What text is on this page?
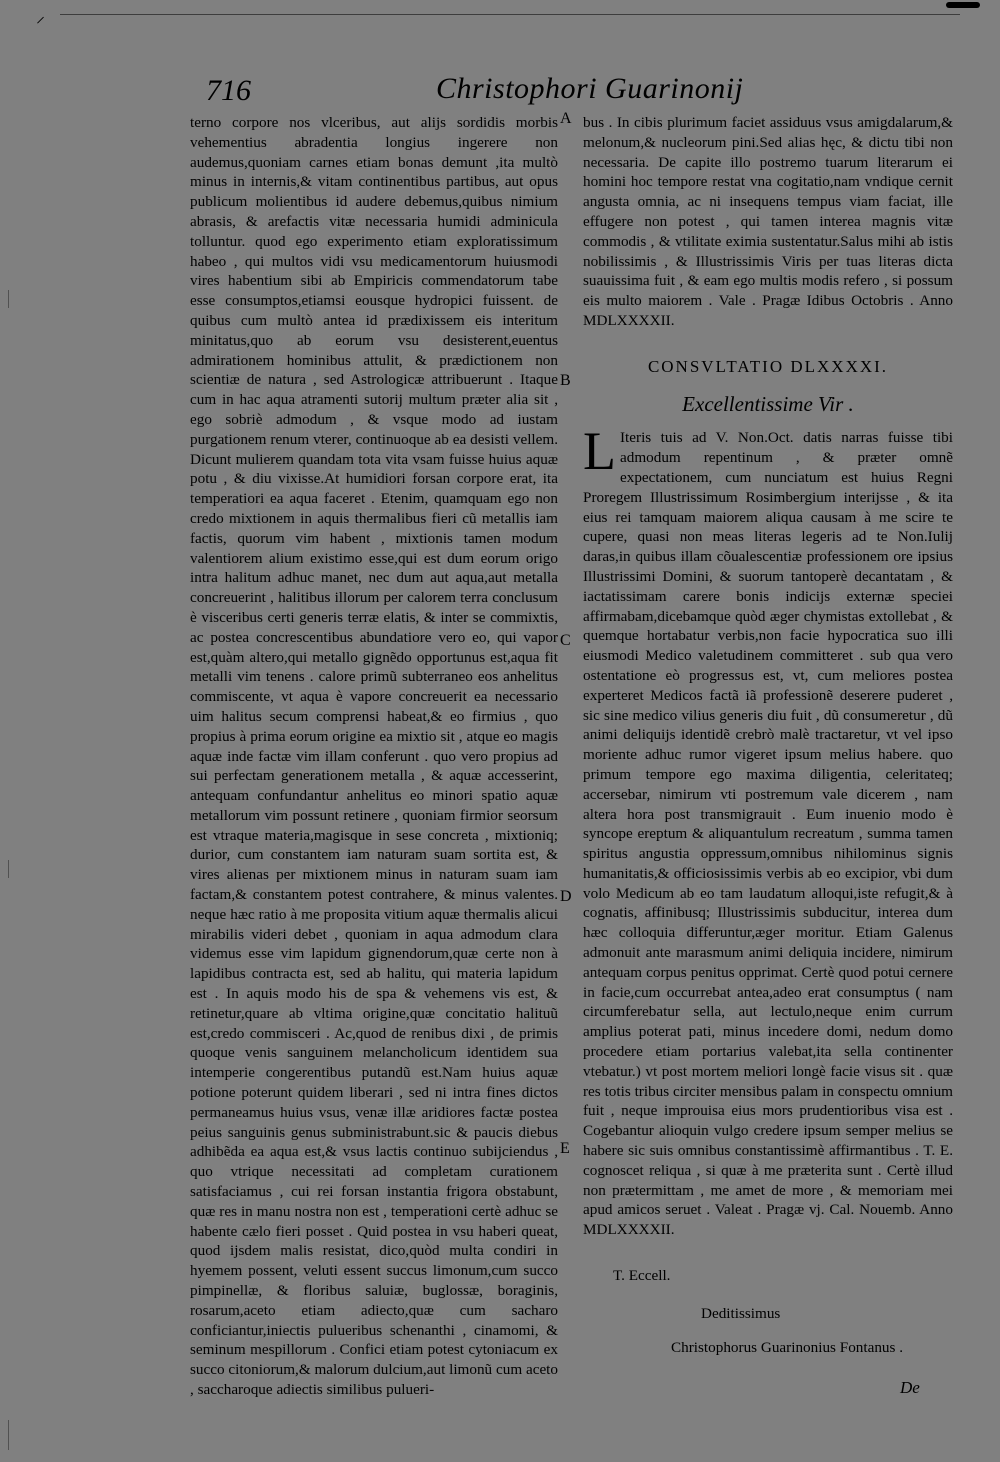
⸝
716	Christophori Guarinonij

terno corpore nos vlceribus, aut alijs sordidis morbis vehementius abradentia longius ingerere non audemus,quoniam carnes etiam bonas demunt ,ita multò minus in internis,& vitam continentibus partibus, aut opus publicum molientibus id audere debemus,quibus nimium abrasis, & arefactis vitæ necessaria humidi adminicula tolluntur. quod ego experimento etiam exploratissimum habeo , qui multos vidi vsu medicamentorum huiusmodi vires habentium sibi ab Empiricis commendatorum tabe esse consumptos,etiamsi eousque hydropici fuissent. de quibus cum multò antea id prædixissem eis interitum minitatus,quo ab eorum vsu desisterent,euentus admirationem hominibus attulit, & prædictionem non scientiæ de natura , sed Astrologicæ attribuerunt . Itaque cum in hac aqua atramenti sutorij multum præter alia sit , ego sobriè admodum , & vsque modo ad iustam purgationem renum vterer, continuoque ab ea desisti vellem. Dicunt mulierem quandam tota vita vsam fuisse huius aquæ potu , & diu vixisse.At humidiori forsan corpore erat, ita temperatiori ea aqua faceret . Etenim, quamquam ego non credo mixtionem in aquis thermalibus fieri cũ metallis iam factis, quorum vim habent , mixtionis tamen modum valentiorem alium existimo esse,qui est dum eorum origo intra halitum adhuc manet, nec dum aut aqua,aut metalla concreuerint , halitibus illorum per calorem terra conclusum è visceribus certi generis terræ elatis, & inter se commixtis, ac postea concrescentibus abundatiore vero eo, qui vapor est,quàm altero,qui metallo gignẽdo opportunus est,aqua fit metalli vim tenens . calore primũ subterraneo eos anhelitus commiscente, vt aqua è vapore concreuerit ea necessario uim halitus secum comprensi habeat,& eo firmius , quo propius à prima eorum origine ea mixtio sit , atque eo magis aquæ inde factæ vim illam conferunt . quo vero propius ad sui perfectam generationem metalla , & aquæ accesserint, antequam confundantur anhelitus eo minori spatio aquæ metallorum vim possunt retinere , quoniam firmior seorsum est vtraque materia,magisque in sese concreta , mixtioniq; durior, cum constantem iam naturam suam sortita est, & vires alienas per mixtionem minus in naturam suam iam factam,& constantem potest contrahere, & minus valentes. neque hæc ratio à me proposita vitium aquæ thermalis alicui mirabilis videri debet , quoniam in aqua admodum clara videmus esse vim lapidum gignendorum,quæ certe non à lapidibus contracta est, sed ab halitu, qui materia lapidum est . In aquis modo his de spa & vehemens vis est, & retinetur,quare ab vltima origine,quæ concitatio halituũ est,credo commisceri . Ac,quod de renibus dixi , de primis quoque venis sanguinem melancholicum identidem sua intemperie congerentibus putandũ est.Nam huius aquæ potione poterunt quidem liberari , sed ni intra fines dictos permaneamus huius vsus, venæ illæ aridiores factæ postea peius sanguinis genus subministrabunt.sic & paucis diebus adhibẽda ea aqua est,& vsus lactis continuo subijciendus , quo vtrique necessitati ad completam curationem satisfaciamus , cui rei forsan instantia frigora obstabunt, quæ res in manu nostra non est , temperationi certè adhuc se habente cælo fieri posset . Quid postea in vsu haberi queat, quod ijsdem malis resistat, dico,quòd multa condiri in hyemem possent, veluti essent succus limonum,cum succo pimpinellæ, & floribus saluiæ, buglossæ, boraginis, rosarum,aceto etiam adiecto,quæ cum sacharo conficiantur,iniectis pulueribus schenanthi , cinamomi, & seminum mespillorum . Confici etiam potest cytoniacum ex succo citoniorum,& malorum dulcium,aut limonũ cum aceto , saccharoque adiectis similibus pulueri-

A
B
C
D
E

bus . In cibis plurimum faciet assiduus vsus amigdalarum,& melonum,& nucleorum pini.Sed alias hęc, & dictu tibi non necessaria. De capite illo postremo tuarum literarum ei homini hoc tempore restat vna cogitatio,nam vndique cernit angusta omnia, ac ni insequens tempus viam faciat, ille effugere non potest , qui tamen interea magnis vitæ commodis , & vtilitate eximia sustentatur.Salus mihi ab istis nobilissimis , & Illustrissimis Viris per tuas literas dicta suauissima fuit , & eam ego multis modis refero , si possum eis multo maiorem . Vale . Pragæ Idibus Octobris . Anno MDLXXXXII.

CONSVLTATIO DLXXXXI.
Excellentissime Vir .

L Iteris tuis ad V. Non.Oct. datis narras fuisse tibi admodum repentinum , & præter omnẽ expectationem, cum nunciatum est huius Regni Proregem Illustrissimum Rosimbergium interijsse , & ita eius rei tamquam maiorem aliqua causam à me scire te cupere, quasi non meas literas legeris ad te Non.Iulij daras,in quibus illam cõualescentiæ professionem ore ipsius Illustrissimi Domini, & suorum tantoperè decantatam , & iactatissimam carere bonis indicijs externæ speciei affirmabam,dicebamque quòd æger chymistas extollebat , & quemque hortabatur verbis,non facie hypocratica suo illi eiusmodi Medico valetudinem committeret . sub qua vero ostentatione eò progressus est, vt, cum meliores postea experteret Medicos factã iã professionẽ deserere puderet , sic sine medico vilius generis diu fuit , dũ consumeretur , dũ animi deliquijs identidẽ crebrò malè tractaretur, vt vel ipso moriente adhuc rumor vigeret ipsum melius habere. quo primum tempore ego maxima diligentia, celeritateq; accersebar, nimirum vti postremum vale dicerem , nam altera hora post transmigrauit . Eum inuenio modo è syncope ereptum & aliquantulum recreatum , summa tamen spiritus angustia oppressum,omnibus nihilominus signis humanitatis,& officiosissimis verbis ab eo excipior, vbi dum volo Medicum ab eo tam laudatum alloqui,iste refugit,& à cognatis, affinibusq; Illustrissimis subducitur, interea dum hæc colloquia differuntur,æger moritur. Etiam Galenus admonuit ante marasmum animi deliquia incidere, nimirum antequam corpus penitus opprimat. Certè quod potui cernere in facie,cum occurrebat antea,adeo erat consumptus ( nam circumferebatur sella, aut lectulo,neque enim currum amplius poterat pati, minus incedere domi, nedum domo procedere etiam portarius valebat,ita sella continenter vtebatur.) vt post mortem meliori longè facie visus sit . quæ res totis tribus circiter mensibus palam in conspectu omnium fuit , neque improuisa eius mors prudentioribus visa est . Cogebantur alioquin vulgo credere ipsum semper melius se habere sic suis omnibus constantissimè affirmantibus . T. E. cognoscet reliqua , si quæ à me præterita sunt . Certè illud non prætermittam , me amet de more , & memoriam mei apud amicos seruet . Valeat . Pragæ vj. Cal. Nouemb. Anno MDLXXXXII.

T. Eccell.
Deditissimus
Christophorus Guarinonius Fontanus .
De
